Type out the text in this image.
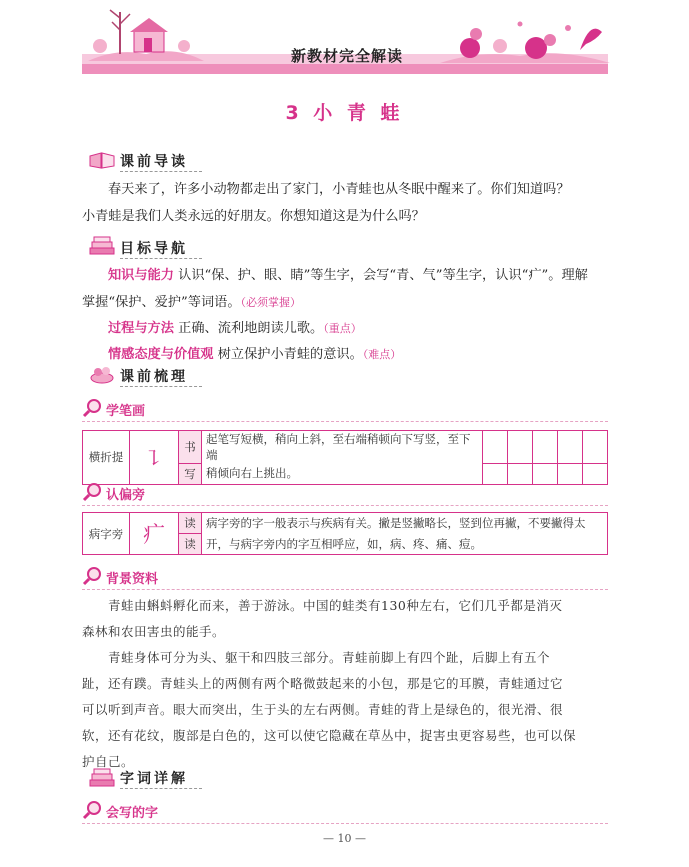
新教材完全解读
3 小 青 蛙
课前导读
春天来了，许多小动物都走出了家门，小青蛙也从冬眠中醒来了。你们知道吗？
小青蛙是我们人类永远的好朋友。你想知道这是为什么吗？
目标导航
知识与能力 认识“保、护、眼、睛”等生字，会写“青、气”等生字，认识“疒”。理解
掌握“保护、爱护”等词语。（必须掌握）
过程与方法 正确、流利地朗读儿歌。（重点）
情感态度与价值观 树立保护小青蛙的意识。（难点）
课前梳理
学笔画
横折提	㇊	书	起笔写短横，稍向上斜，至右端稍顿向下写竖，至下端					
		写	稍倾向右上挑出。					
认偏旁
病字旁	疒	读	病字旁的字一般表示与疾病有关。撇是竖撇略长，竖到位再撇，不要撇得太
		读	开，与病字旁内的字互相呼应，如，病、疼、痛、痘。
背景资料
青蛙由蝌蚪孵化而来，善于游泳。中国的蛙类有130种左右，它们几乎都是消灭
森林和农田害虫的能手。
青蛙身体可分为头、躯干和四肢三部分。青蛙前脚上有四个趾，后脚上有五个
趾，还有蹼。青蛙头上的两侧有两个略微鼓起来的小包，那是它的耳膜，青蛙通过它
可以听到声音。眼大而突出，生于头的左右两侧。青蛙的背上是绿色的，很光滑、很
软，还有花纹，腹部是白色的，这可以使它隐藏在草丛中，捉害虫更容易些，也可以保
护自己。
字词详解
会写的字
— 10 —
